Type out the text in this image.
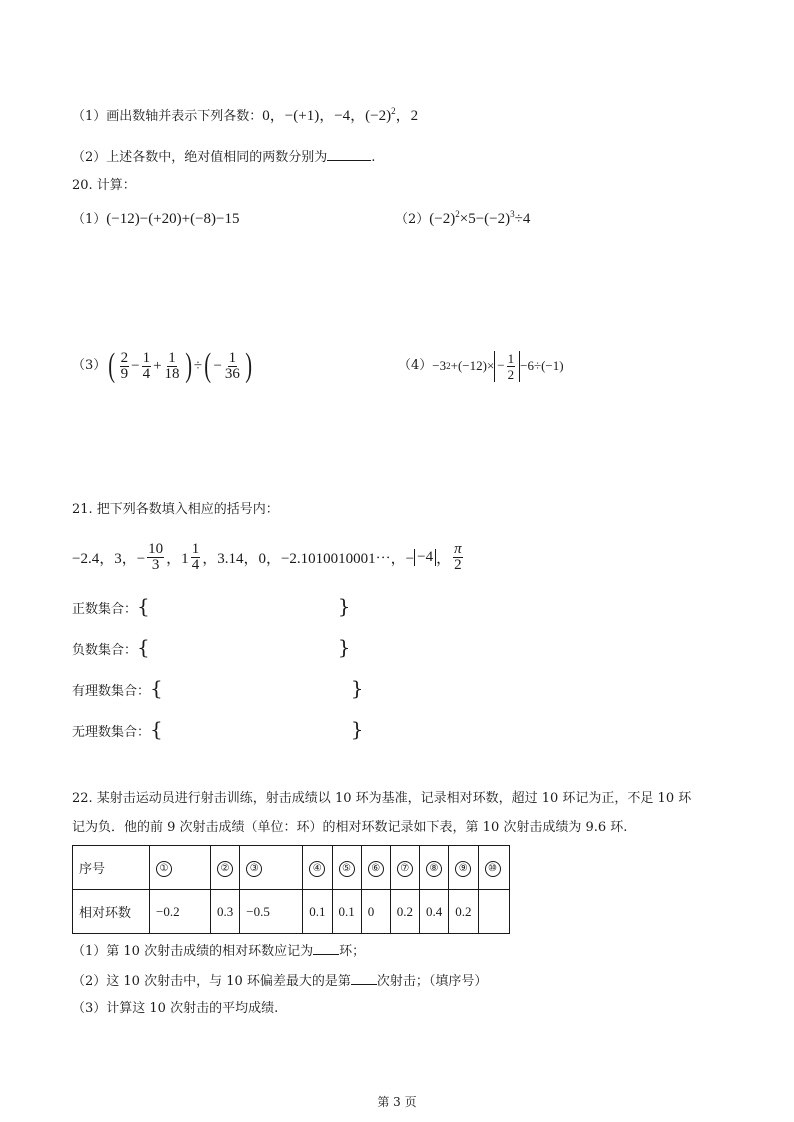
（1）画出数轴并表示下列各数：0，−(+1)，−4，$(-2)^2$，2
（2）上述各数中，绝对值相同的两数分别为	.
20. 计算：
（1）(−12)−(+20)+(−8)−15	$(2)(-2)^2\times 5-(-2)^3\div 4$
（3） ( $\frac{2}{9} - \frac{1}{4} + \frac{1}{18}$ ) ÷ ( − $\frac{1}{36}$ )	（4） −3 $2 +(-12)\times - \frac{1}{2} -6\div(-1)$
21. 把下列各数填入相应的括号内：
−2.4，3，− $\frac{10}{3}$ ，$1 \frac{1}{4}$ ，3.14，0，−2.1010010001⋯，− −4 ， $\frac{\pi}{2}$
正数集合：{	}
负数集合：{	}
有理数集合：{	}
无理数集合：{	}
22. 某射击运动员进行射击训练，射击成绩以 10 环为基准，记录相对环数，超过 10 环记为正，不足 10 环
记为负．他的前 9 次射击成绩（单位：环）的相对环数记录如下表，第 10 次射击成绩为 9.6 环.
序号	①	②	③	④	⑤	⑥	⑦	⑧	⑨	⑩
相对环数	−0.2	0.3	−0.5	0.1	0.1	0	0.2	0.4	0.2	
（1）第 10 次射击成绩的相对环数应记为 环；
（2）这 10 次射击中，与 10 环偏差最大的是第 次射击；（填序号）
（3）计算这 10 次射击的平均成绩.
第 3 页
